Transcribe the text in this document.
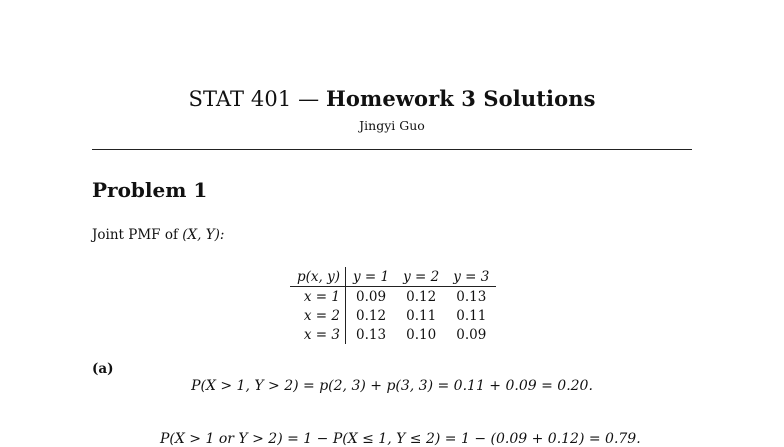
STAT 401 — Homework 3 Solutions
Jingyi Guo
Problem 1
Joint PMF of (X, Y):
p(x, y)	y = 1	y = 2	y = 3
x = 1	0.09	0.12	0.13
x = 2	0.12	0.11	0.11
x = 3	0.13	0.10	0.09
(a)
P(X > 1, Y > 2) = p(2, 3) + p(3, 3) = 0.11 + 0.09 = 0.20.
P(X > 1 or Y > 2) = 1 − P(X ≤ 1, Y ≤ 2) = 1 − (0.09 + 0.12) = 0.79.
